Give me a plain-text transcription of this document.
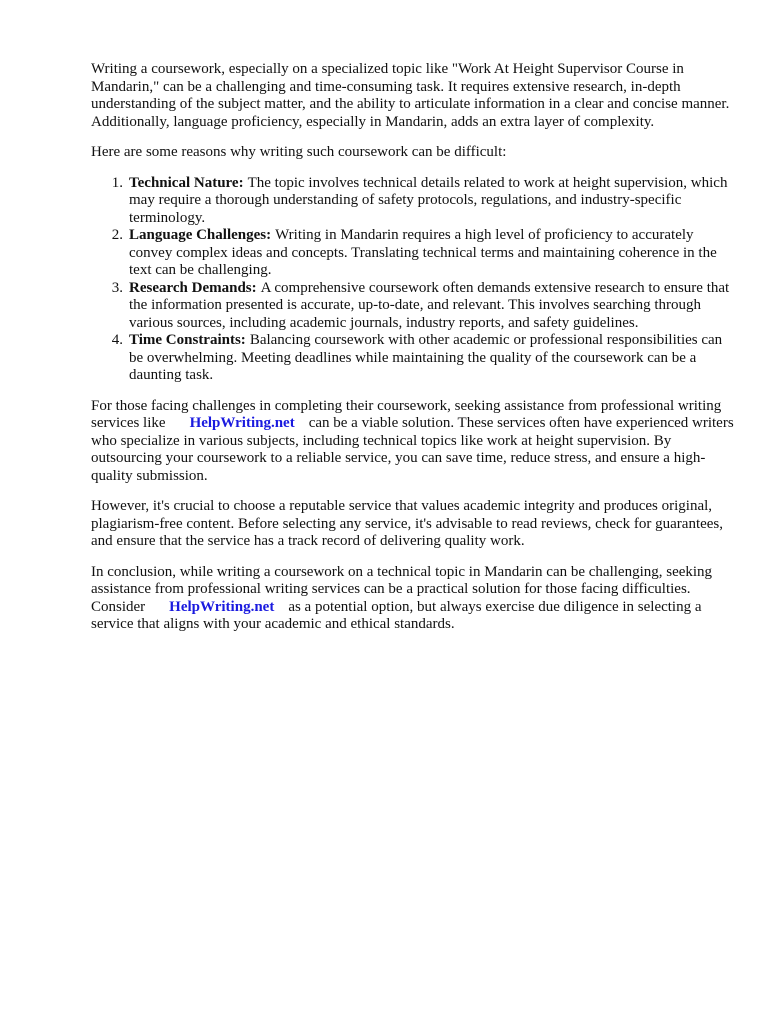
Writing a coursework, especially on a specialized topic like "Work At Height Supervisor Course in Mandarin," can be a challenging and time-consuming task. It requires extensive research, in-depth understanding of the subject matter, and the ability to articulate information in a clear and concise manner. Additionally, language proficiency, especially in Mandarin, adds an extra layer of complexity.

Here are some reasons why writing such coursework can be difficult:

1. Technical Nature: The topic involves technical details related to work at height supervision, which may require a thorough understanding of safety protocols, regulations, and industry-specific terminology.
2. Language Challenges: Writing in Mandarin requires a high level of proficiency to accurately convey complex ideas and concepts. Translating technical terms and maintaining coherence in the text can be challenging.
3. Research Demands: A comprehensive coursework often demands extensive research to ensure that the information presented is accurate, up-to-date, and relevant. This involves searching through various sources, including academic journals, industry reports, and safety guidelines.
4. Time Constraints: Balancing coursework with other academic or professional responsibilities can be overwhelming. Meeting deadlines while maintaining the quality of the coursework can be a daunting task.

For those facing challenges in completing their coursework, seeking assistance from professional writing services like HelpWriting.net can be a viable solution. These services often have experienced writers who specialize in various subjects, including technical topics like work at height supervision. By outsourcing your coursework to a reliable service, you can save time, reduce stress, and ensure a high-quality submission.

However, it's crucial to choose a reputable service that values academic integrity and produces original, plagiarism-free content. Before selecting any service, it's advisable to read reviews, check for guarantees, and ensure that the service has a track record of delivering quality work.

In conclusion, while writing a coursework on a technical topic in Mandarin can be challenging, seeking assistance from professional writing services can be a practical solution for those facing difficulties. Consider HelpWriting.net as a potential option, but always exercise due diligence in selecting a service that aligns with your academic and ethical standards.
